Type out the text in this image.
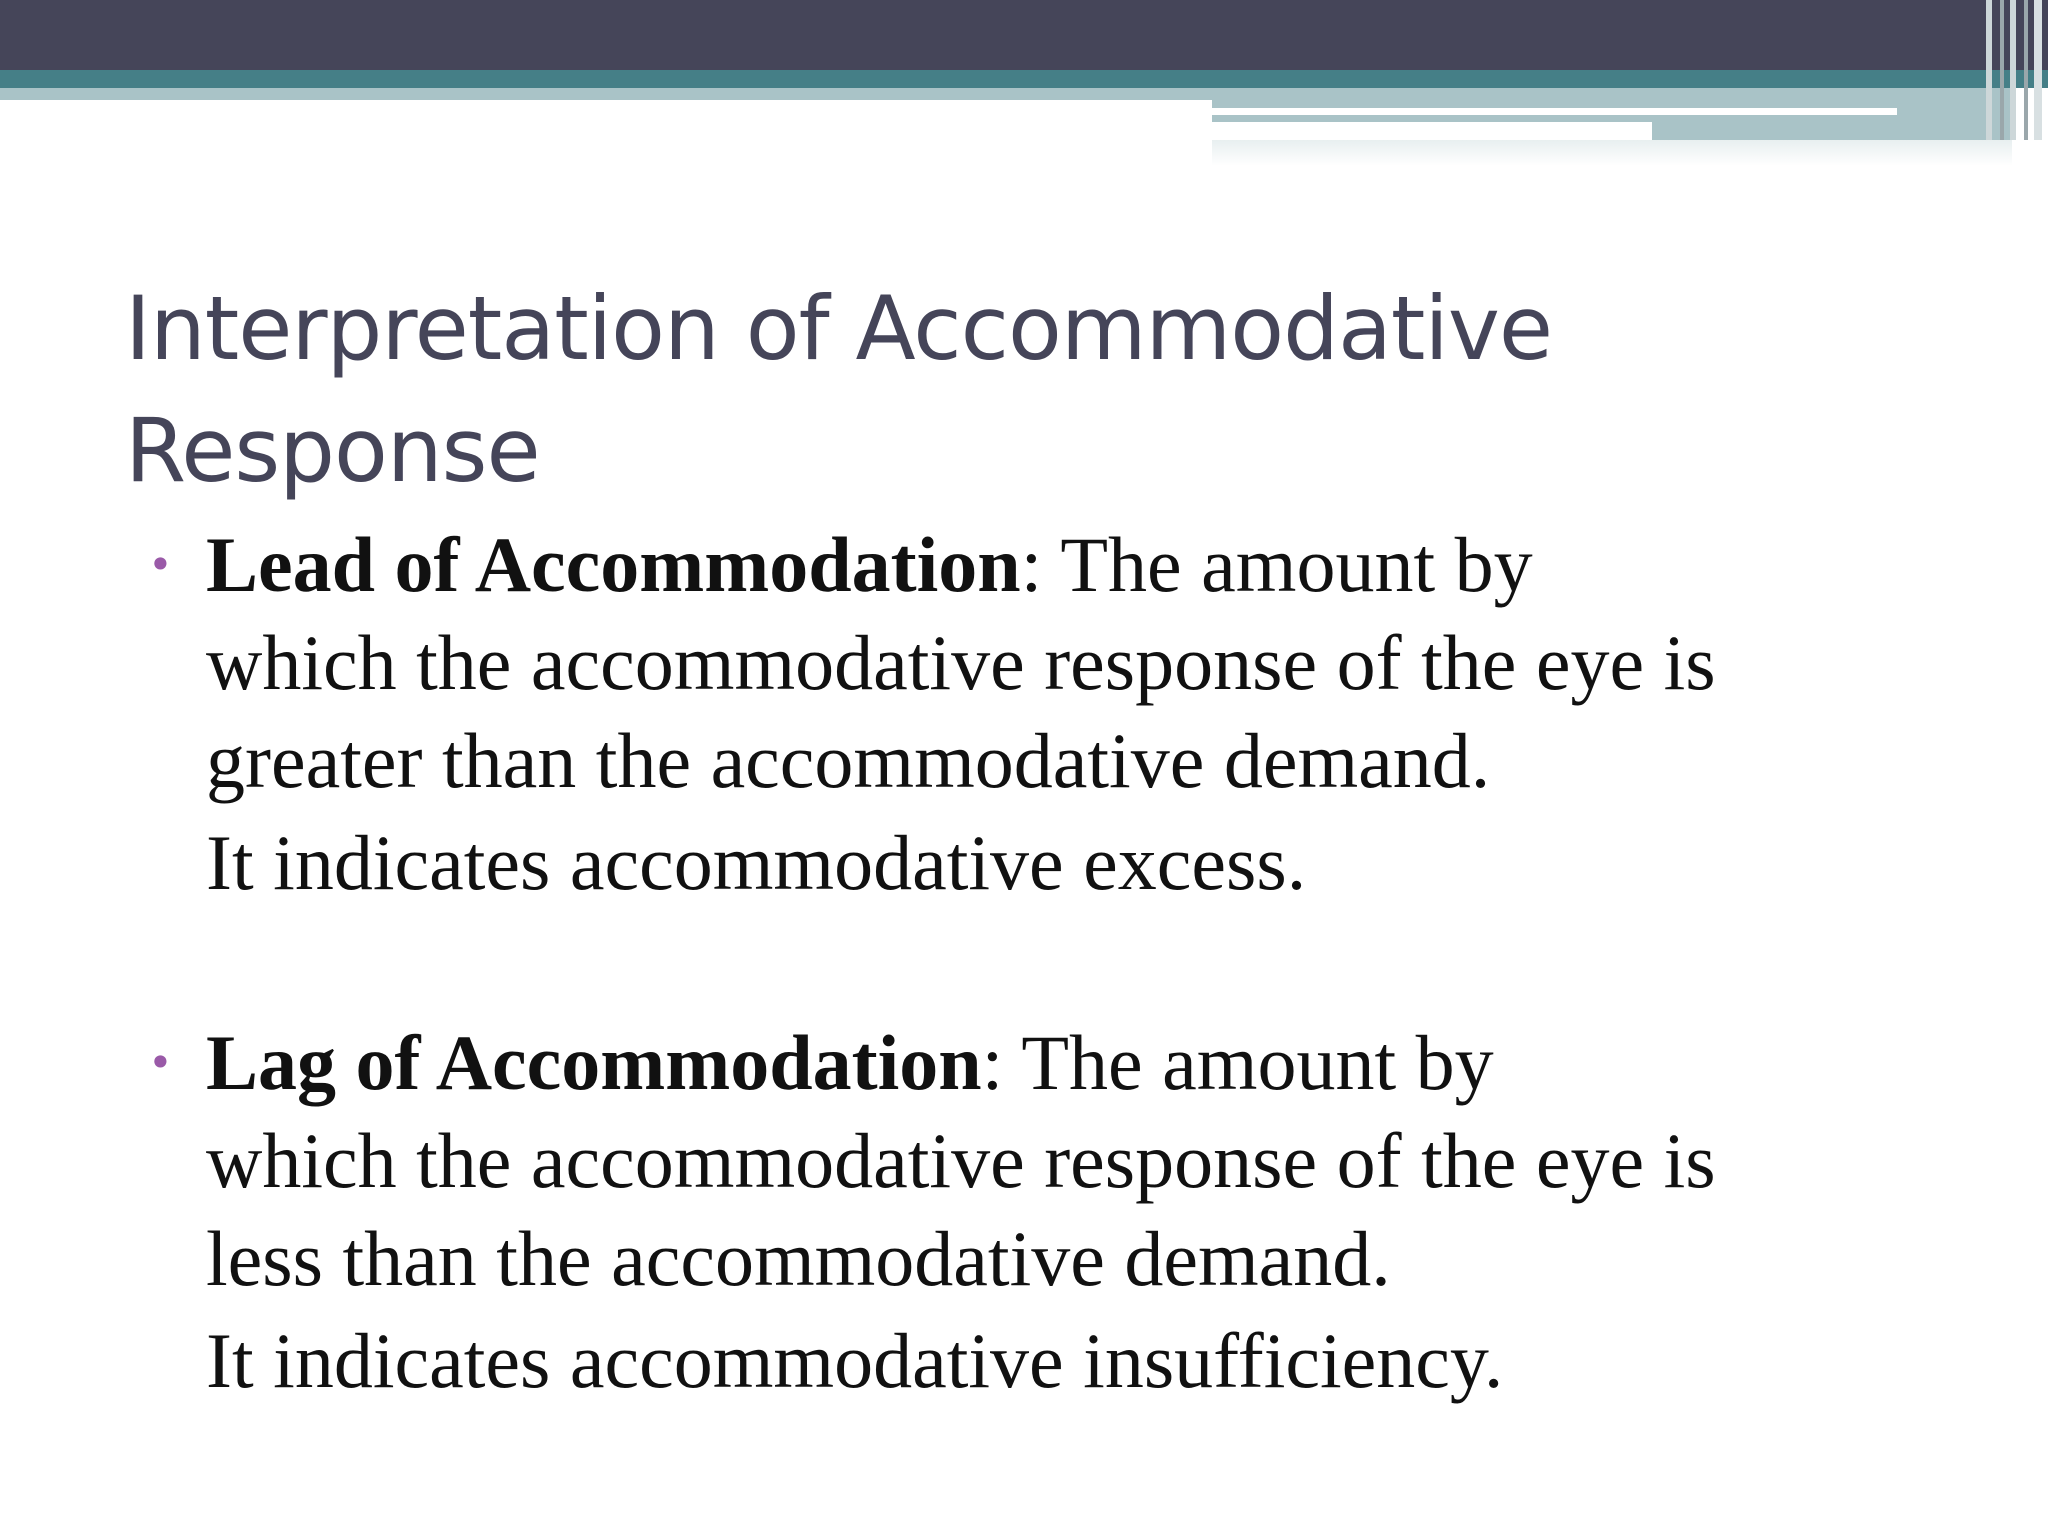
Interpretation of Accommodative
Response
• Lead of Accommodation: The amount by

which the accommodative response of the eye is

greater than the accommodative demand.

It indicates accommodative excess.

• Lag of Accommodation: The amount by

which the accommodative response of the eye is

less than the accommodative demand.

It indicates accommodative insufficiency.
